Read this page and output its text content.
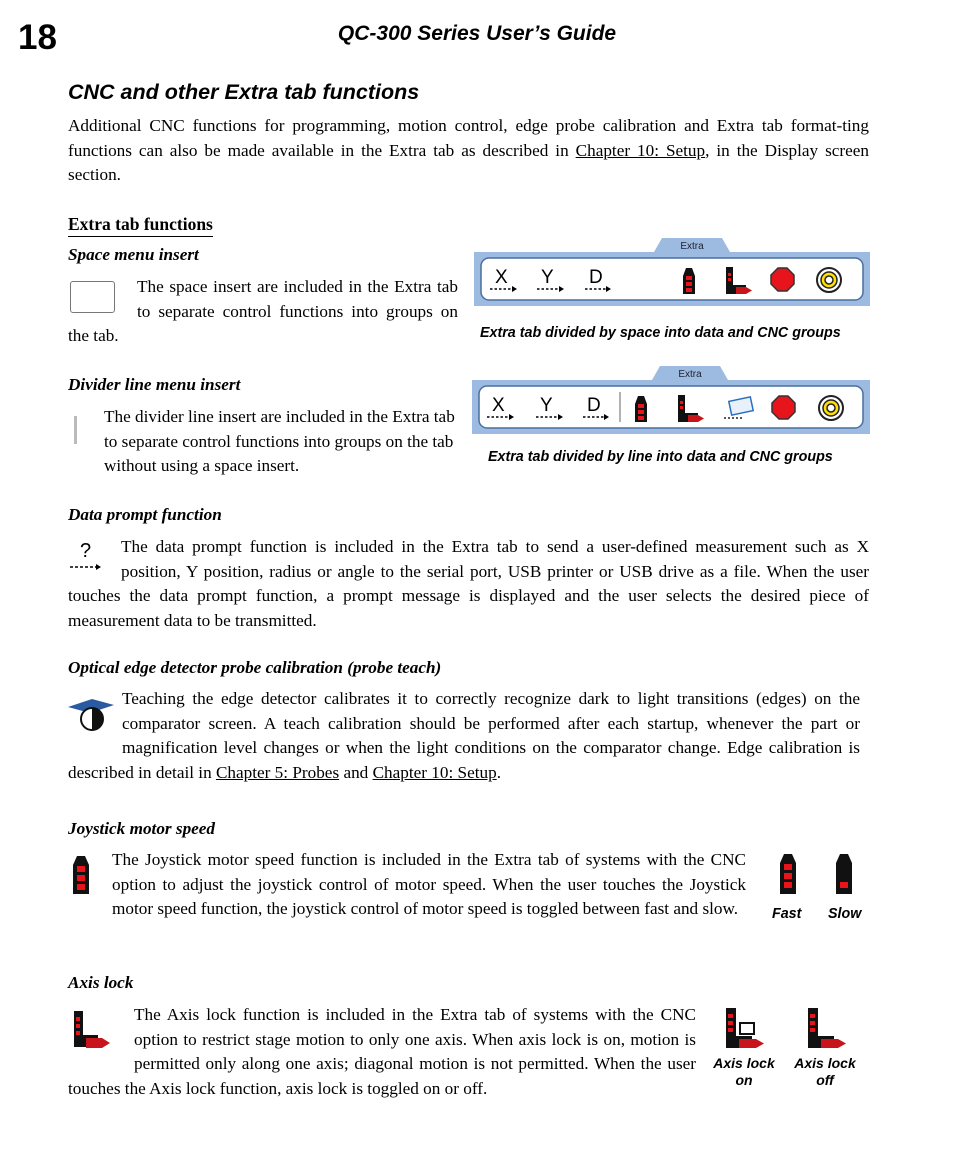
18	QC-300 Series User’s Guide
CNC and other Extra tab functions
Additional CNC functions for programming, motion control, edge probe calibration and Extra tab format-ting functions can also be made available in the Extra tab as described in Chapter 10: Setup, in the Display screen section.
Extra tab functions
Space menu insert
The space insert are included in the Extra tab to separate control functions into groups on the tab.
Extra
X Y D
Extra tab divided by space into data and CNC groups
Divider line menu insert
The divider line insert are included in the Extra tab to separate control functions into groups on the tab without using a space insert.
Extra
X Y D
Extra tab divided by line into data and CNC groups
Data prompt function
? The data prompt function is included in the Extra tab to send a user-defined measurement such as X position, Y position, radius or angle to the serial port, USB printer or USB drive as a file. When the user touches the data prompt function, a prompt message is displayed and the user selects the desired piece of measurement data to be transmitted.
Optical edge detector probe calibration (probe teach)
Teaching the edge detector calibrates it to correctly recognize dark to light transitions (edges) on the comparator screen. A teach calibration should be performed after each startup, whenever the part or magnification level changes or when the light conditions on the comparator change. Edge calibration is described in detail in Chapter 5: Probes and Chapter 10: Setup.
Joystick motor speed
The Joystick motor speed function is included in the Extra tab of systems with the CNC option to adjust the joystick control of motor speed. When the user touches the Joystick motor speed function, the joystick control of motor speed is toggled between fast and slow.	Fast Slow
Axis lock
The Axis lock function is included in the Extra tab of systems with the CNC option to restrict stage motion to only one axis. When axis lock is on, motion is permitted only along one axis; diagonal motion is not permitted. When the user touches the Axis lock function, axis lock is toggled on or off.
Axis lock
on
Axis lock
off
